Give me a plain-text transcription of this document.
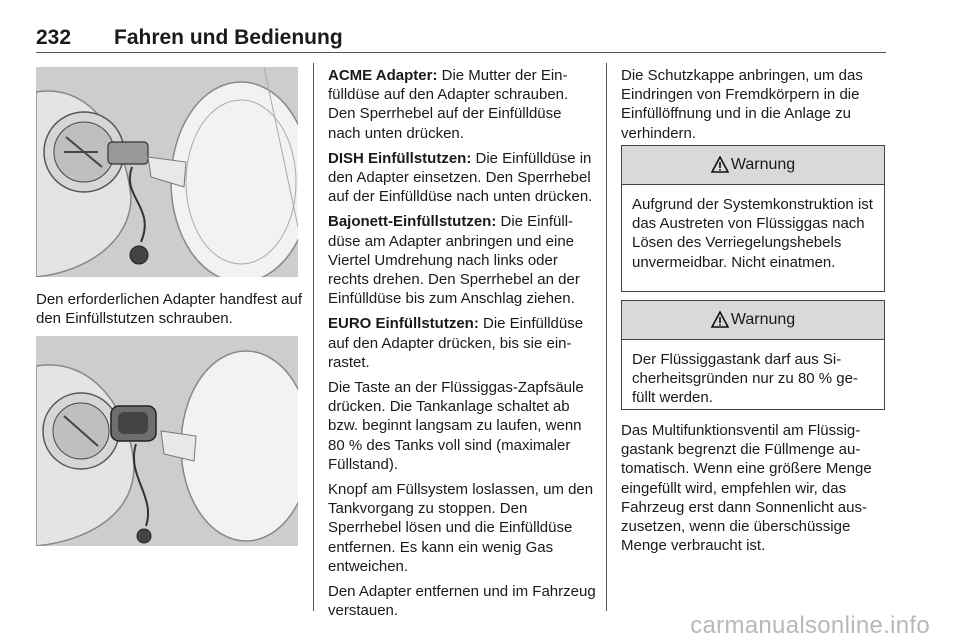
232 Fahren und Bedienung

Den erforderlichen Adapter handfest auf den Einfüllstutzen schrauben.

ACME Adapter: Die Mutter der Einfülldüse auf den Adapter schrauben. Den Sperrhebel auf der Einfülldüse nach unten drücken.

DISH Einfüllstutzen: Die Einfülldüse in den Adapter einsetzen. Den Sperrhebel auf der Einfülldüse nach unten drücken.

Bajonett-Einfüllstutzen: Die Einfülldüse am Adapter anbringen und eine Viertel Umdrehung nach links oder rechts drehen. Den Sperrhebel an der Einfülldüse bis zum Anschlag ziehen.

EURO Einfüllstutzen: Die Einfülldüse auf den Adapter drücken, bis sie einrastet.

Die Taste an der Flüssiggas-Zapfsäule drücken. Die Tankanlage schaltet ab bzw. beginnt langsam zu laufen, wenn 80 % des Tanks voll sind (maximaler Füllstand).

Knopf am Füllsystem loslassen, um den Tankvorgang zu stoppen. Den Sperrhebel lösen und die Einfülldüse entfernen. Es kann ein wenig Gas entweichen.

Den Adapter entfernen und im Fahrzeug verstauen.

Die Schutzkappe anbringen, um das Eindringen von Fremdkörpern in die Einfüllöffnung und in die Anlage zu verhindern.

Warnung
Aufgrund der Systemkonstruktion ist das Austreten von Flüssiggas nach Lösen des Verriegelungshebels unvermeidbar. Nicht einatmen.
Warnung
Der Flüssiggastank darf aus Sicherheitsgründen nur zu 80 % gefüllt werden.

Das Multifunktionsventil am Flüssiggastank begrenzt die Füllmenge automatisch. Wenn eine größere Menge eingefüllt wird, empfehlen wir, das Fahrzeug erst dann Sonnenlicht auszusetzen, wenn die überschüssige Menge verbraucht ist.

carmanualsonline.info
